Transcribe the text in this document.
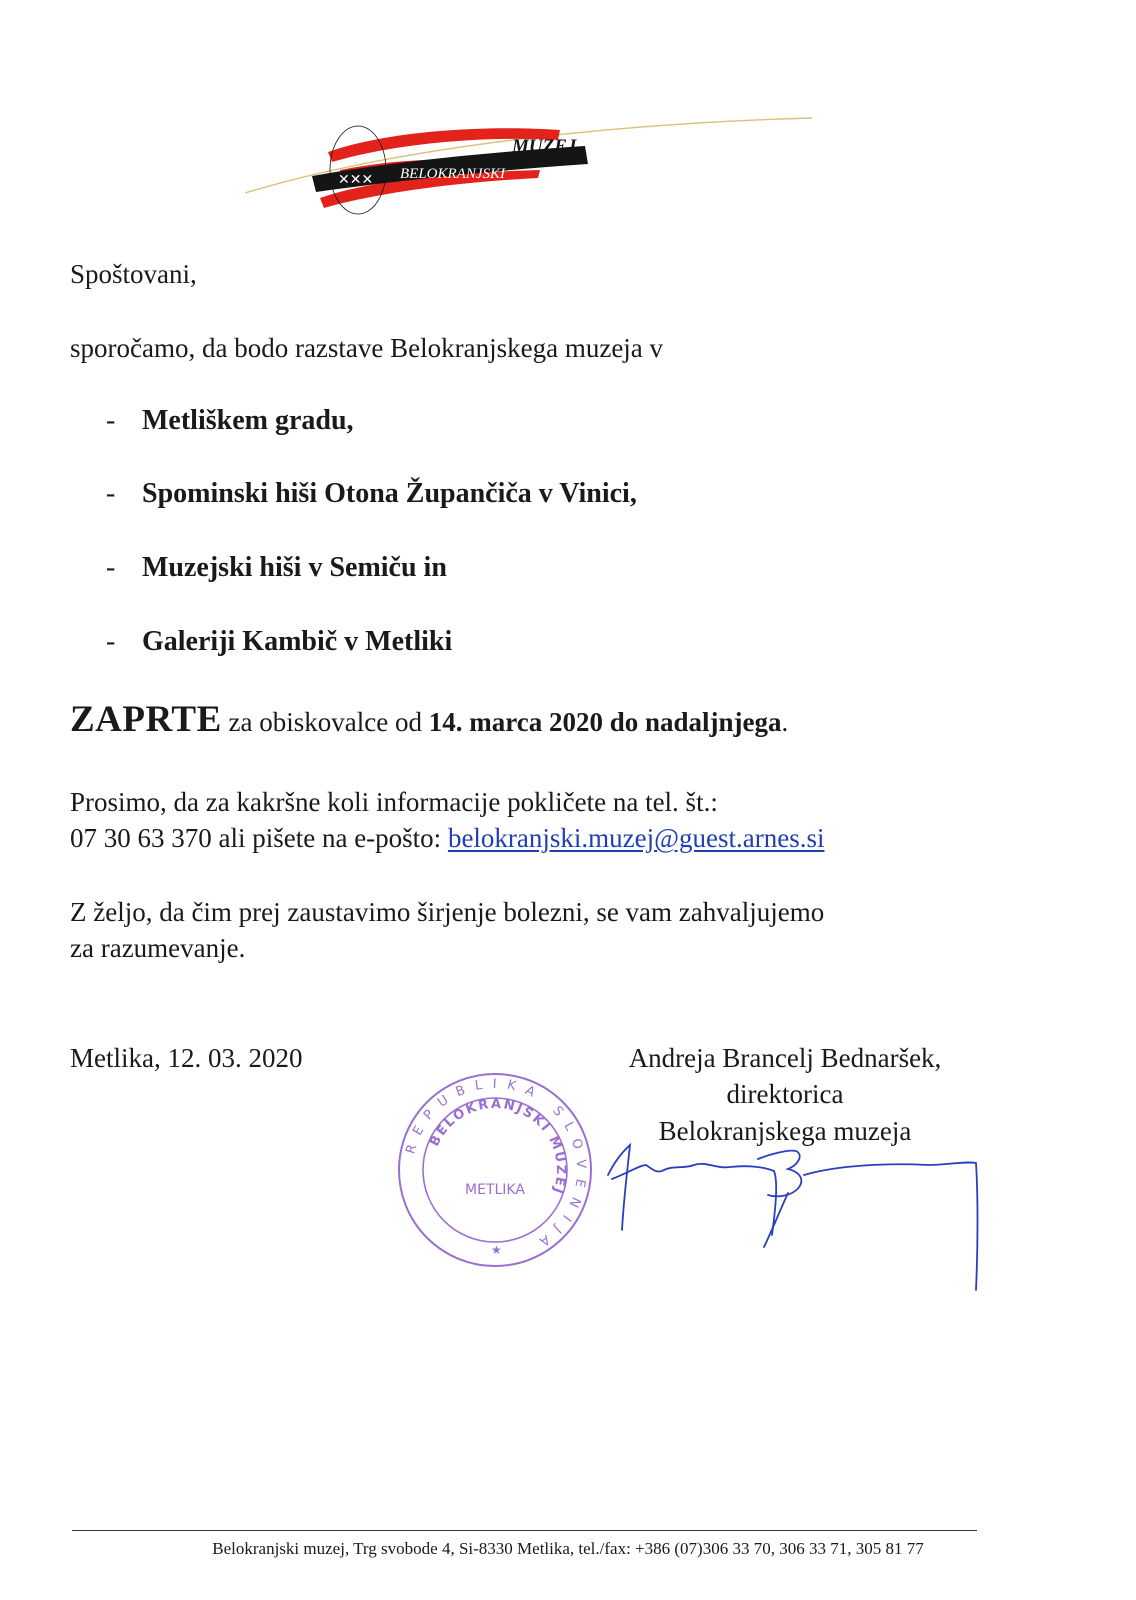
✕✕✕ BELOKRANJSKI
MUZEJ
Spoštovani,
sporočamo, da bodo razstave Belokranjskega muzeja v
- Metliškem gradu,
- Spominski hiši Otona Župančiča v Vinici,
- Muzejski hiši v Semiču in
- Galeriji Kambič v Metliki
ZAPRTE za obiskovalce od 14. marca 2020 do nadaljnjega.
Prosimo, da za kakršne koli informacije pokličete na tel. št.:
07 30 63 370 ali pišete na e-pošto: belokranjski.muzej@guest.arnes.si
Z željo, da čim prej zaustavimo širjenje bolezni, se vam zahvaljujemo
za razumevanje.
Metlika, 12. 03. 2020	Andreja Brancelj Bednaršek,
direktorica
Belokranjskega muzeja
REPUBLIKA SLOVENIJA
BELOKRANJSKI MUZEJ
METLIKA
★
Belokranjski muzej, Trg svobode 4, Si-8330 Metlika, tel./fax: +386 (07)306 33 70, 306 33 71, 305 81 77
